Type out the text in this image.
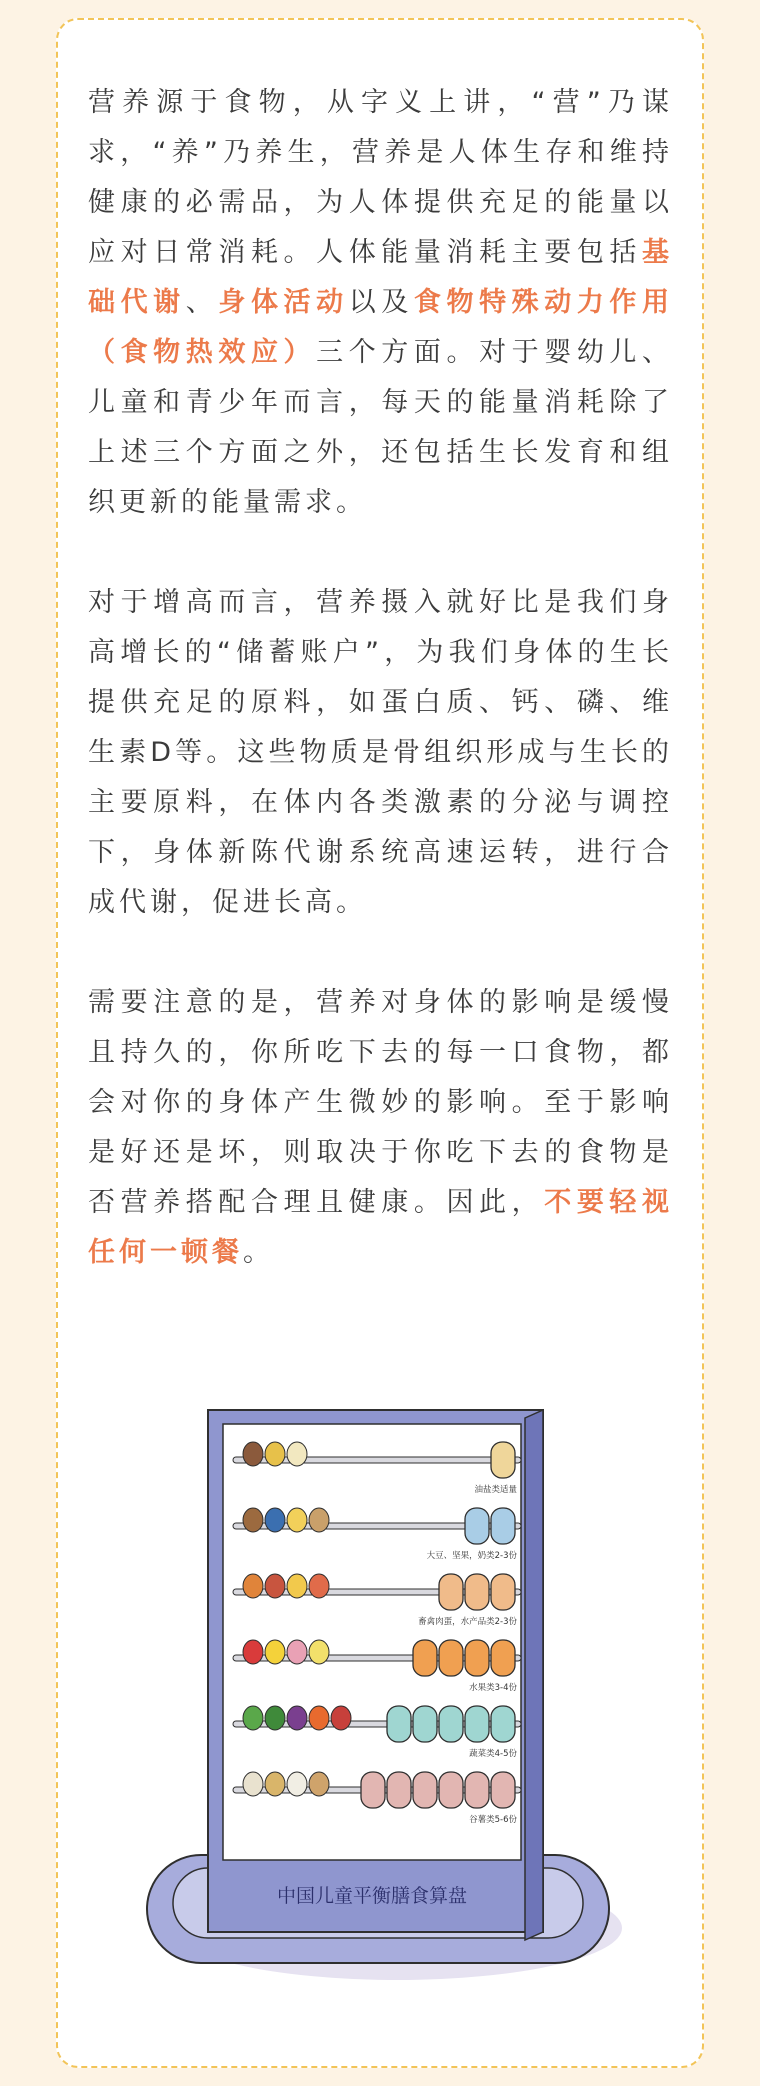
营养源于食物，从字义上讲，“营”乃谋求，“养”乃养生，营养是人体生存和维持健康的必需品，为人体提供充足的能量以应对日常消耗。人体能量消耗主要包括基础代谢、身体活动以及食物特殊动力作用（食物热效应）三个方面。对于婴幼儿、儿童和青少年而言，每天的能量消耗除了上述三个方面之外，还包括生长发育和组织更新的能量需求。

对于增高而言，营养摄入就好比是我们身高增长的“储蓄账户”，为我们身体的生长提供充足的原料，如蛋白质、钙、磷、维生素D等。这些物质是骨组织形成与生长的主要原料，在体内各类激素的分泌与调控下，身体新陈代谢系统高速运转，进行合成代谢，促进长高。

需要注意的是，营养对身体的影响是缓慢且持久的，你所吃下去的每一口食物，都会对你的身体产生微妙的影响。至于影响是好还是坏，则取决于你吃下去的食物是否营养搭配合理且健康。因此，不要轻视任何一顿餐。

中国儿童平衡膳食算盘
油盐类适量
大豆、坚果，奶类2-3份
畜禽肉蛋，水产品类2-3份
水果类3-4份
蔬菜类4-5份
谷薯类5-6份
